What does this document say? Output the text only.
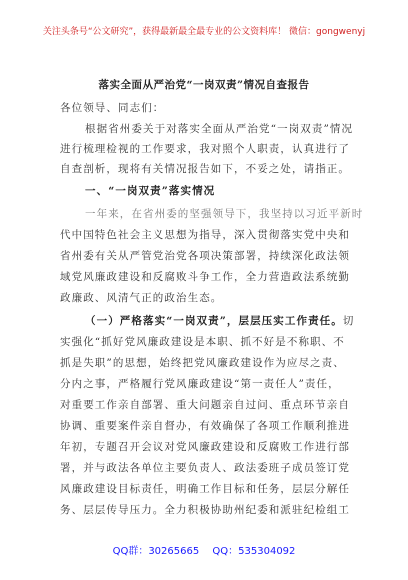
关注头条号“公文研究”，获得最新最全最专业的公文资料库！ 微信：gongwenyj
落实全面从严治党“一岗双责”情况自查报告
各位领导、同志们：
根据省州委关于对落实全面从严治党“一岗双责”情况
进行梳理检视的工作要求，我对照个人职责，认真进行了
自查剖析，现将有关情况报告如下，不妥之处，请指正。
一、“一岗双责”落实情况
一年来，在省州委的坚强领导下，我坚持以习近平新时
代中国特色社会主义思想为指导，深入贯彻落实党中央和
省州委有关从严管党治党各项决策部署，持续深化政法领
域党风廉政建设和反腐败斗争工作，全力营造政法系统勤
政廉政、风清气正的政治生态。
（一）严格落实“一岗双责”，层层压实工作责任。切
实强化“抓好党风廉政建设是本职、抓不好是不称职、不
抓是失职”的思想，始终把党风廉政建设作为应尽之责、
分内之事，严格履行党风廉政建设“第一责任人”责任，
对重要工作亲自部署、重大问题亲自过问、重点环节亲自
协调、重要案件亲自督办，有效确保了各项工作顺利推进
年初，专题召开会议对党风廉政建设和反腐败工作进行部
署，并与政法各单位主要负责人、政法委班子成员签订党
风廉政建设目标责任，明确工作目标和任务，层层分解任
务、层层传导压力。全力积极协助州纪委和派驻纪检组工
QQ群：30265665 QQ：535304092
